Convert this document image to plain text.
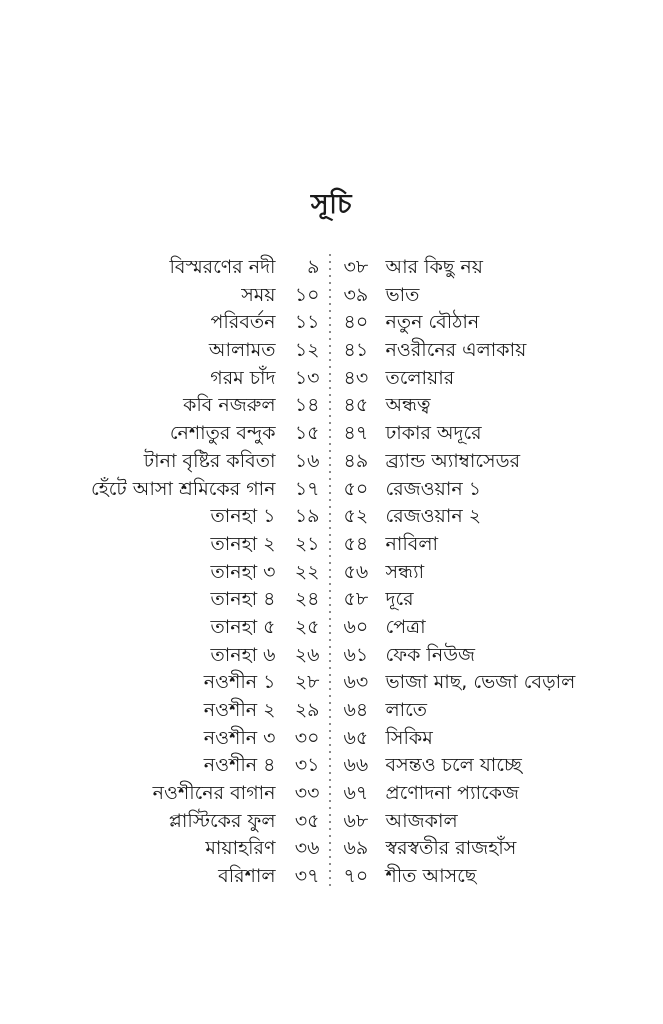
সূচি
বিস্মরণের নদী	৯
সময় ১০
পরিবর্তন ১১
আলামত ১২
গরম চাঁদ ১৩
কবি নজরুল ১৪
নেশাতুর বন্দুক ১৫
টানা বৃষ্টির কবিতা ১৬
হেঁটে আসা শ্রমিকের গান ১৭
তানহা ১ ১৯
তানহা ২ ২১
তানহা ৩ ২২
তানহা ৪ ২৪
তানহা ৫ ২৫
তানহা ৬ ২৬
নওশীন ১ ২৮
নওশীন ২ ২৯
নওশীন ৩ ৩০
নওশীন ৪ ৩১
নওশীনের বাগান ৩৩
প্লাস্টিকের ফুল ৩৫
মায়াহরিণ ৩৬
বরিশাল ৩৭
৩৮ আর কিছু নয়
৩৯ ভাত
৪০ নতুন বৌঠান
৪১ নওরীনের এলাকায়
৪৩ তলোয়ার
৪৫ অন্ধত্ব
৪৭ ঢাকার অদূরে
৪৯ ব্র্যান্ড অ্যাম্বাসেডর
৫০ রেজওয়ান ১
৫২ রেজওয়ান ২
৫৪ নাবিলা
৫৬ সন্ধ্যা
৫৮ দূরে
৬০ পেত্রা
৬১ ফেক নিউজ
৬৩ ভাজা মাছ, ভেজা বেড়াল
৬৪ লাতে
৬৫ সিকিম
৬৬ বসন্তও চলে যাচ্ছে
৬৭ প্রণোদনা প্যাকেজ
৬৮ আজকাল
৬৯ স্বরস্বতীর রাজহাঁস
৭০ শীত আসছে
